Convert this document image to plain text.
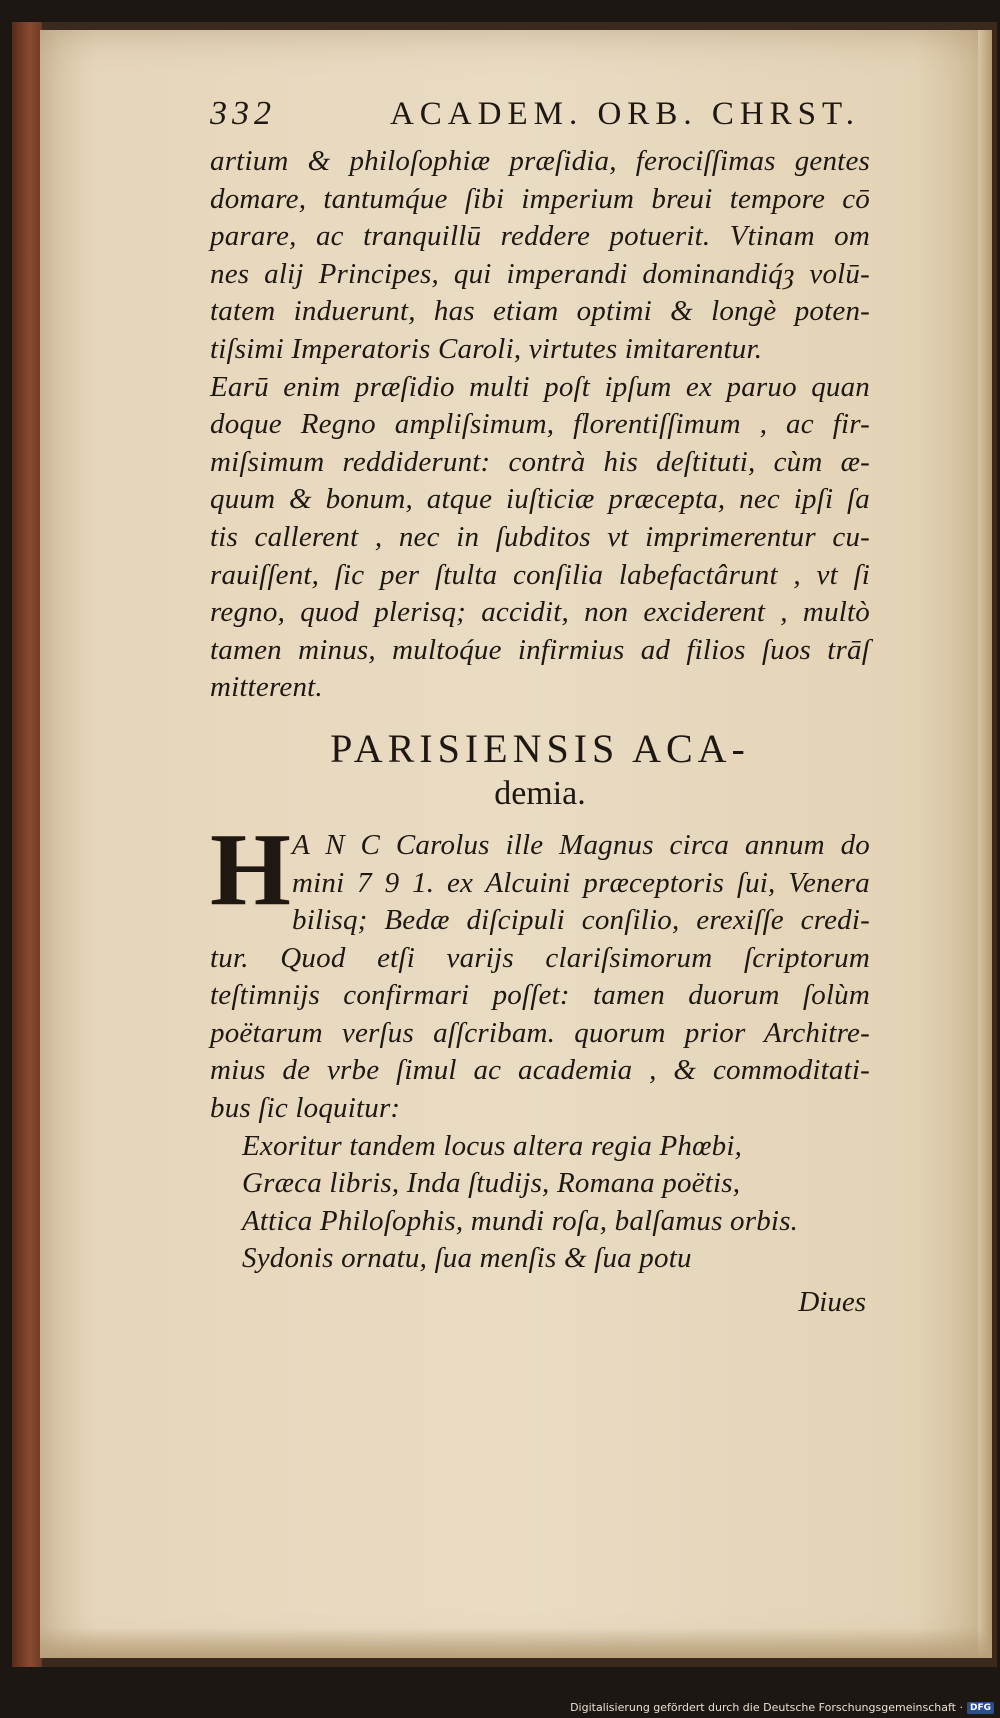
332	ACADEM. ORB. CHRST.
artium & philoſophiæ præſidia, ferociſſimas gentes
domare, tantumq́ue ſibi imperium breui tempore cō
parare, ac tranquillū reddere potuerit. Vtinam om
nes alij Principes, qui imperandi dominandiq́ȝ volū-
tatem induerunt, has etiam optimi & longè poten-
tiſsimi Imperatoris Caroli, virtutes imitarentur.
Earū enim præſidio multi poſt ipſum ex paruo quan
doque Regno ampliſsimum, florentiſſimum , ac fir-
miſsimum reddiderunt: contrà his deſtituti, cùm æ-
quum & bonum, atque iuſticiæ præcepta, nec ipſi ſa
tis callerent , nec in ſubditos vt imprimerentur cu-
rauiſſent, ſic per ſtulta conſilia labefactârunt , vt ſi
regno, quod plerisq; accidit, non exciderent , multò
tamen minus, multoq́ue infirmius ad filios ſuos trāſ
mitterent.
PARISIENSIS ACA-
demia.
H A N C Carolus ille Magnus circa annum do
mini 7 9 1. ex Alcuini præceptoris ſui, Venera
bilisq; Bedæ diſcipuli conſilio, erexiſſe credi-
tur. Quod etſi varijs clariſsimorum ſcriptorum
teſtimnijs confirmari poſſet: tamen duorum ſolùm
poëtarum verſus aſſcribam. quorum prior Architre-
mius de vrbe ſimul ac academia , & commoditati-
bus ſic loquitur:
Exoritur tandem locus altera regia Phœbi,
Græca libris, Inda ſtudijs, Romana poëtis,
Attica Philoſophis, mundi roſa, balſamus orbis.
Sydonis ornatu, ſua menſis & ſua potu
Diues
Digitalisierung gefördert durch die Deutsche Forschungsgemeinschaft · DFG
